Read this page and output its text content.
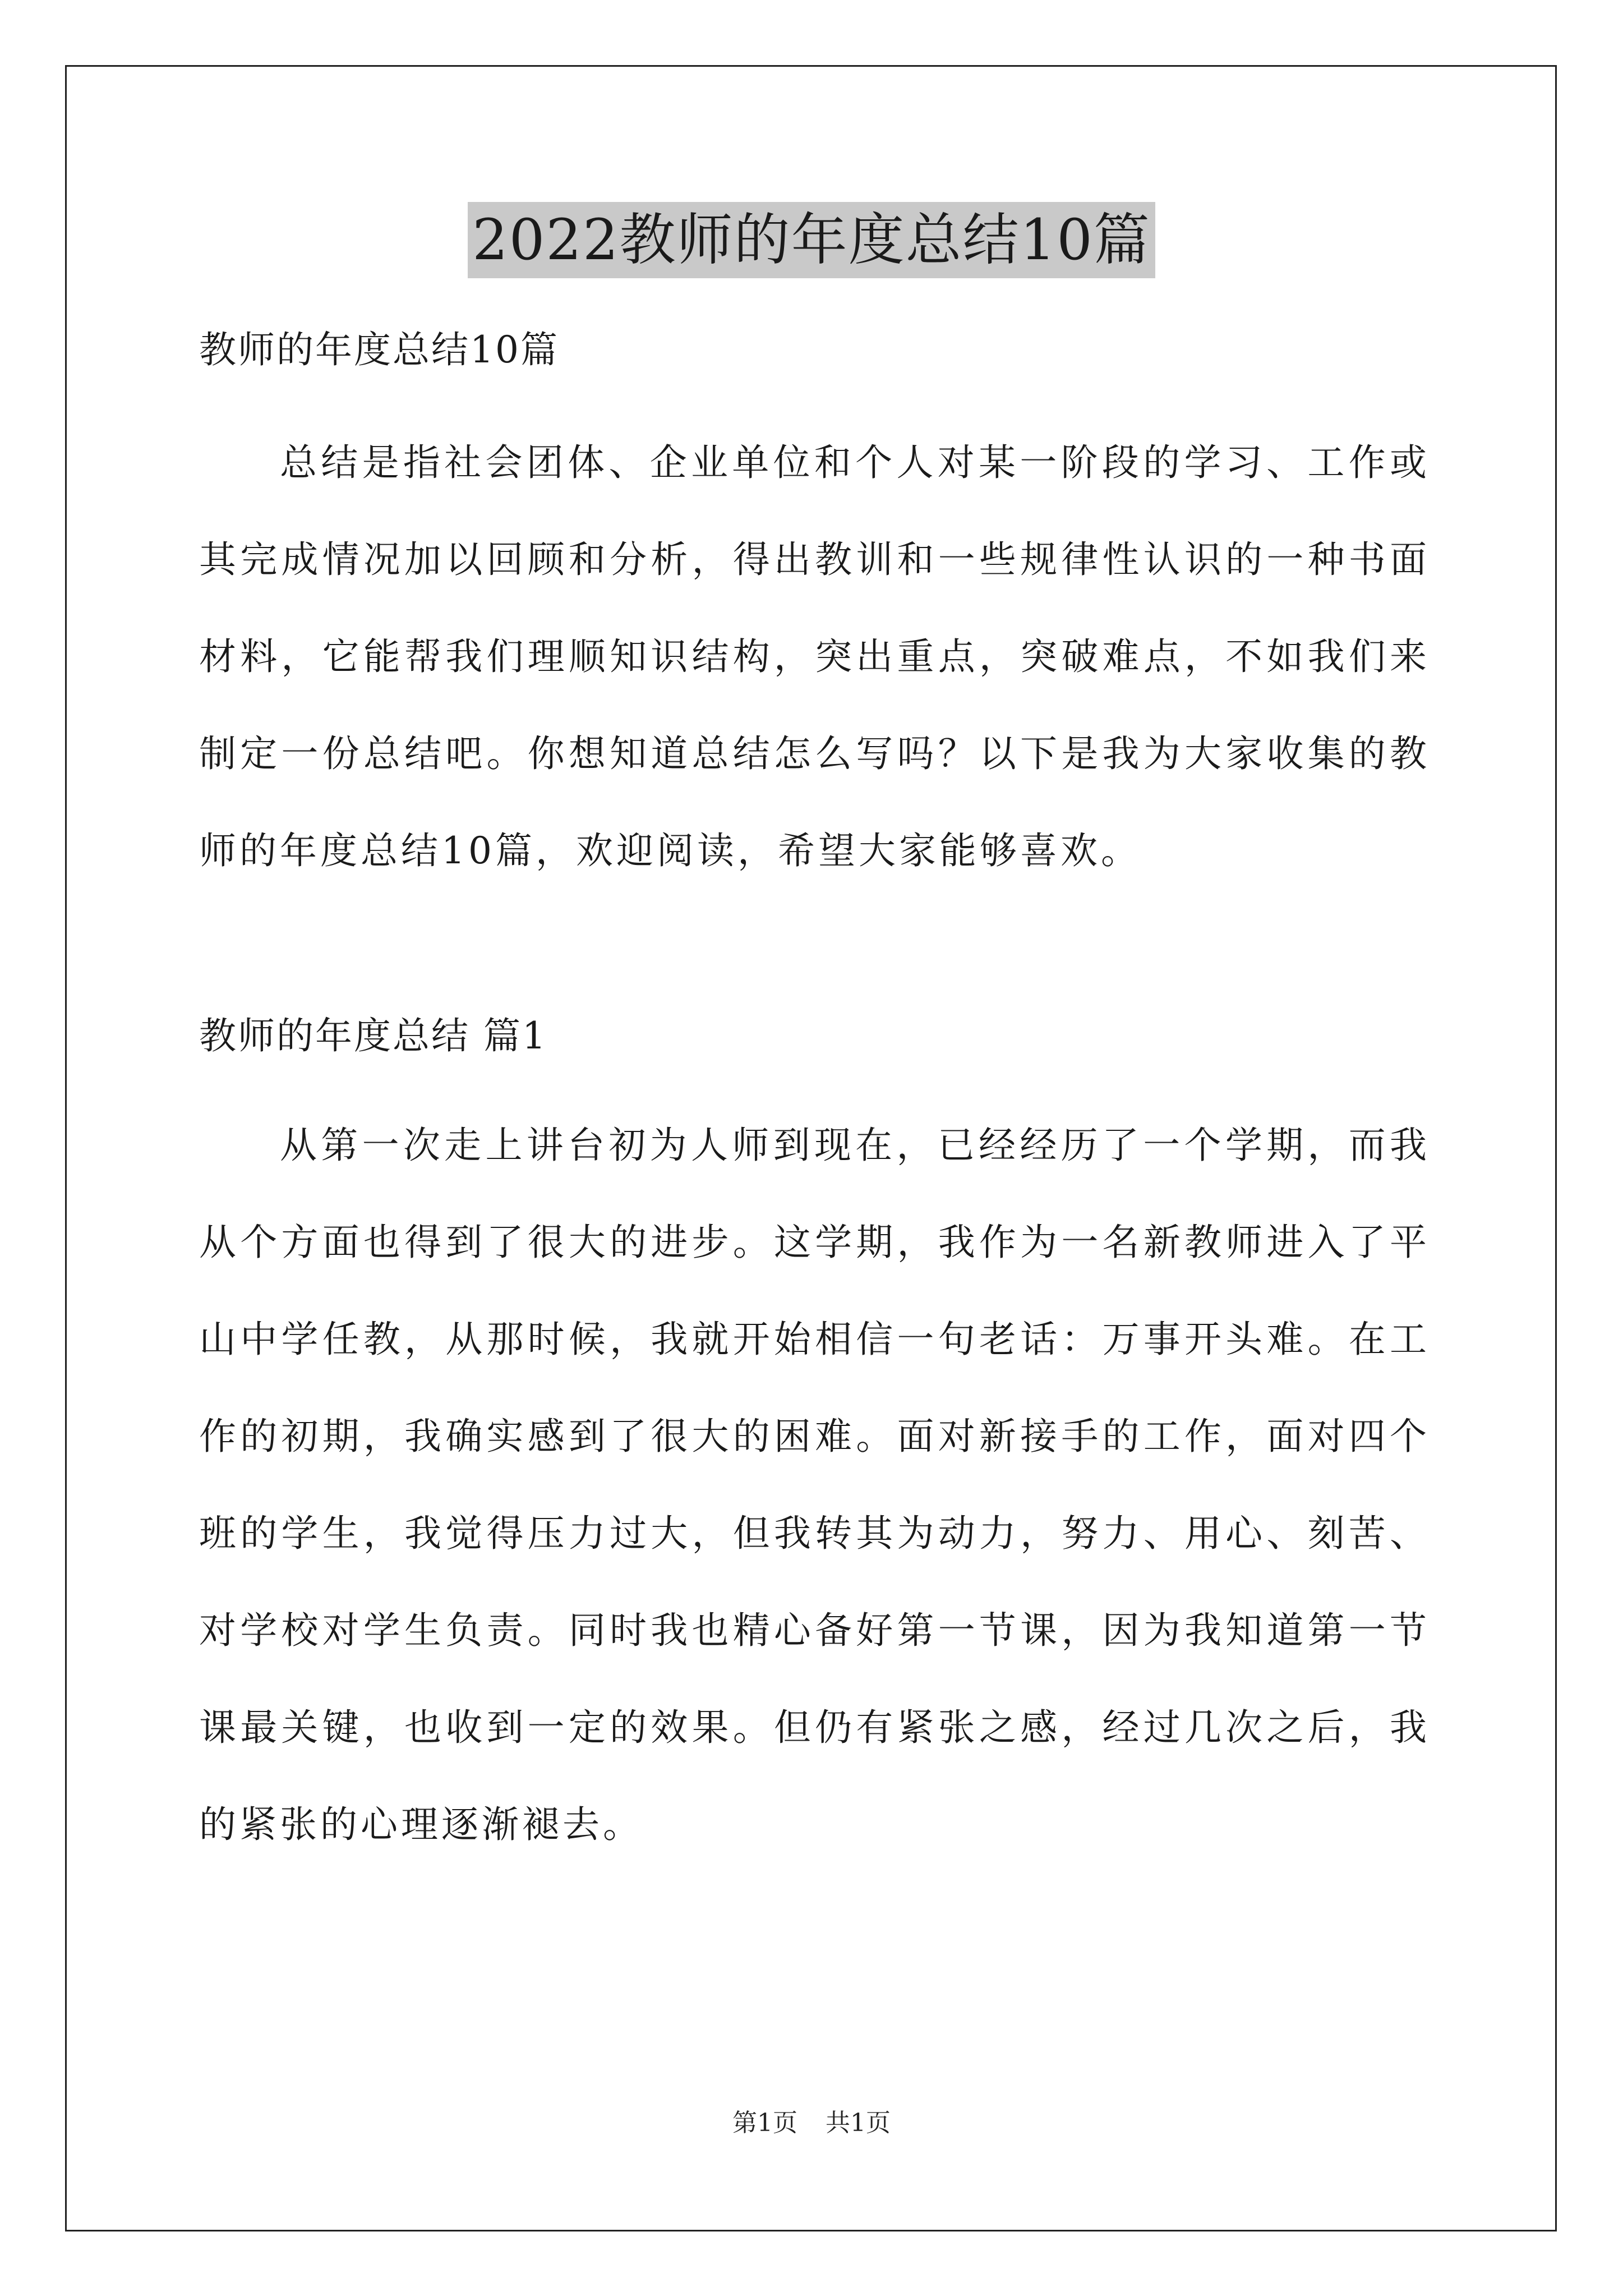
2022教师的年度总结10篇

教师的年度总结10篇

总结是指社会团体、企业单位和个人对某一阶段的学习、工作或其完成情况加以回顾和分析，得出教训和一些规律性认识的一种书面材料，它能帮我们理顺知识结构，突出重点，突破难点，不如我们来制定一份总结吧。你想知道总结怎么写吗？以下是我为大家收集的教师的年度总结10篇，欢迎阅读，希望大家能够喜欢。

教师的年度总结 篇1

从第一次走上讲台初为人师到现在，已经经历了一个学期，而我从个方面也得到了很大的进步。这学期，我作为一名新教师进入了平山中学任教，从那时候，我就开始相信一句老话：万事开头难。在工作的初期，我确实感到了很大的困难。面对新接手的工作，面对四个班的学生，我觉得压力过大，但我转其为动力，努力、用心、刻苦、对学校对学生负责。同时我也精心备好第一节课，因为我知道第一节课最关键，也收到一定的效果。但仍有紧张之感，经过几次之后，我的紧张的心理逐渐褪去。

第1页 共1页
